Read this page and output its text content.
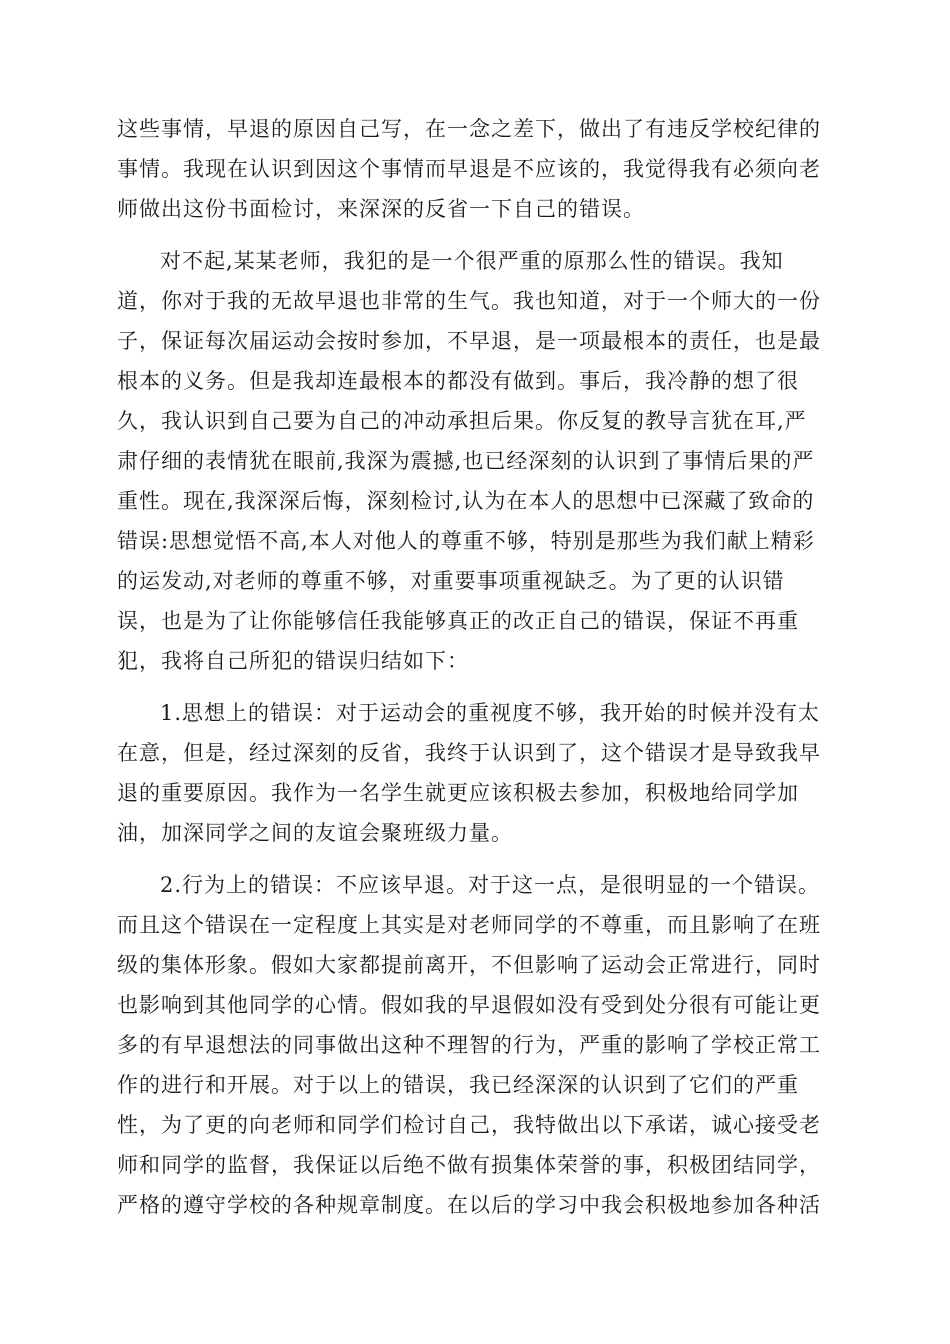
这些事情，早退的原因自己写，在一念之差下，做出了有违反学校纪律的
事情。我现在认识到因这个事情而早退是不应该的，我觉得我有必须向老
师做出这份书面检讨，来深深的反省一下自己的错误。
对不起,某某老师，我犯的是一个很严重的原那么性的错误。我知
道，你对于我的无故早退也非常的生气。我也知道，对于一个师大的一份
子，保证每次届运动会按时参加，不早退，是一项最根本的责任，也是最
根本的义务。但是我却连最根本的都没有做到。事后，我冷静的想了很
久，我认识到自己要为自己的冲动承担后果。你反复的教导言犹在耳,严
肃仔细的表情犹在眼前,我深为震撼,也已经深刻的认识到了事情后果的严
重性。现在,我深深后悔，深刻检讨,认为在本人的思想中已深藏了致命的
错误:思想觉悟不高,本人对他人的尊重不够，特别是那些为我们献上精彩
的运发动,对老师的尊重不够，对重要事项重视缺乏。为了更的认识错
误，也是为了让你能够信任我能够真正的改正自己的错误，保证不再重
犯，我将自己所犯的错误归结如下：
1.思想上的错误：对于运动会的重视度不够，我开始的时候并没有太
在意，但是，经过深刻的反省，我终于认识到了，这个错误才是导致我早
退的重要原因。我作为一名学生就更应该积极去参加，积极地给同学加
油，加深同学之间的友谊会聚班级力量。
2.行为上的错误：不应该早退。对于这一点，是很明显的一个错误。
而且这个错误在一定程度上其实是对老师同学的不尊重，而且影响了在班
级的集体形象。假如大家都提前离开，不但影响了运动会正常进行，同时
也影响到其他同学的心情。假如我的早退假如没有受到处分很有可能让更
多的有早退想法的同事做出这种不理智的行为，严重的影响了学校正常工
作的进行和开展。对于以上的错误，我已经深深的认识到了它们的严重
性，为了更的向老师和同学们检讨自己，我特做出以下承诺，诚心接受老
师和同学的监督，我保证以后绝不做有损集体荣誉的事，积极团结同学，
严格的遵守学校的各种规章制度。在以后的学习中我会积极地参加各种活
